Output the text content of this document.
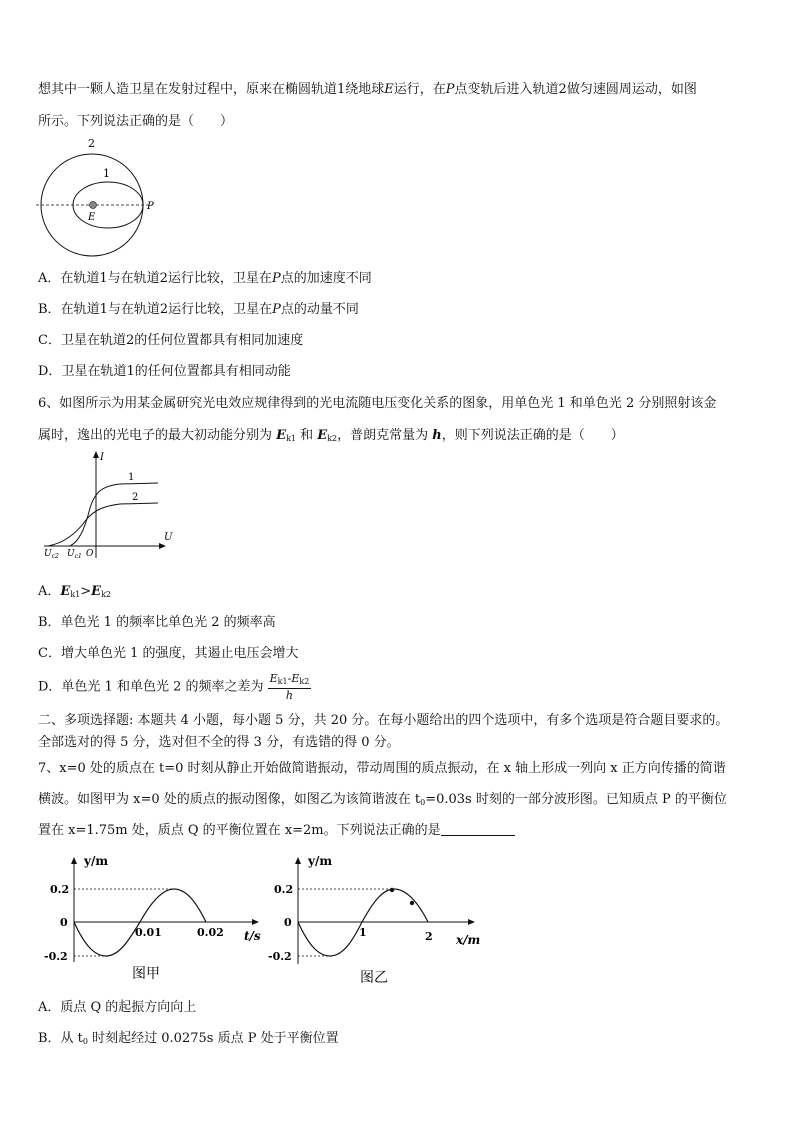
想其中一颗人造卫星在发射过程中，原来在椭圆轨道1绕地球E运行，在P点变轨后进入轨道2做匀速圆周运动，如图
所示。下列说法正确的是（　　）
2
1
E
P
A．在轨道1与在轨道2运行比较，卫星在P点的加速度不同
B．在轨道1与在轨道2运行比较，卫星在P点的动量不同
C．卫星在轨道2的任何位置都具有相同加速度
D．卫星在轨道1的任何位置都具有相同动能
6、如图所示为用某金属研究光电效应规律得到的光电流随电压变化关系的图象，用单色光 1 和单色光 2 分别照射该金
属时，逸出的光电子的最大初动能分别为 $E_{k1}$ 和 $E_{k2}$，普朗克常量为 h，则下列说法正确的是（　　）
I
U
1
2
$U_{c2}$ $U_{c1}$ O
A．$E_{k1}>E_{k2}$
B．单色光 1 的频率比单色光 2 的频率高
C．增大单色光 1 的强度，其遏止电压会增大
D．单色光 1 和单色光 2 的频率之差为 $\frac{E_{k1}-E_{k2}}{h}$
二、多项选择题: 本题共 4 小题，每小题 5 分，共 20 分。在每小题给出的四个选项中，有多个选项是符合题目要求的。
全部选对的得 5 分，选对但不全的得 3 分，有选错的得 0 分。
7、x=0 处的质点在 t=0 时刻从静止开始做简谐振动，带动周围的质点振动，在 x 轴上形成一列向 x 正方向传播的简谐
横波。如图甲为 x=0 处的质点的振动图像，如图乙为该简谐波在 $t_0=0.03s$ 时刻的一部分波形图。已知质点 P 的平衡位
置在 x=1.75m 处，质点 Q 的平衡位置在 x=2m。下列说法正确的是
y/m
0.2
0
-0.2
0.01	0.02 t/s
图甲
y/m
0.2
0
-0.2
1	2 x/m
图乙
A．质点 Q 的起振方向向上
B．从 $t_0$ 时刻起经过 0.0275s 质点 P 处于平衡位置
